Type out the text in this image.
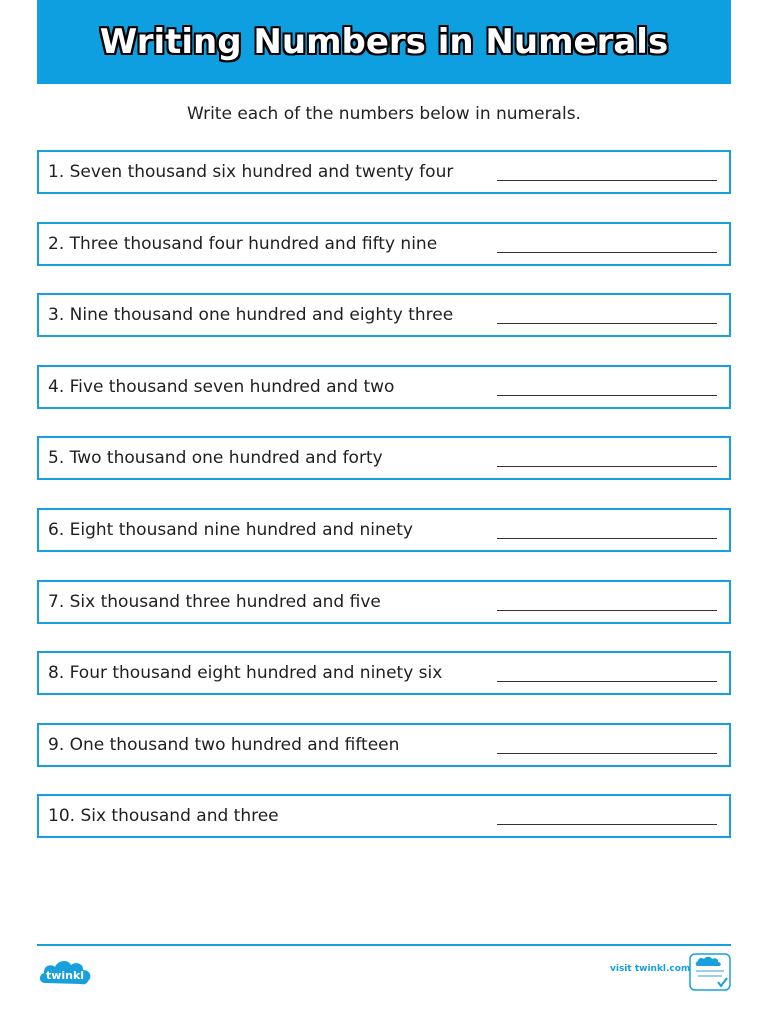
Writing Numbers in Numerals
Write each of the numbers below in numerals.
1. Seven thousand six hundred and twenty four
2. Three thousand four hundred and fifty nine
3. Nine thousand one hundred and eighty three
4. Five thousand seven hundred and two
5. Two thousand one hundred and forty
6. Eight thousand nine hundred and ninety
7. Six thousand three hundred and five
8. Four thousand eight hundred and ninety six
9. One thousand two hundred and fifteen
10. Six thousand and three
twinkl	visit twinkl.com
